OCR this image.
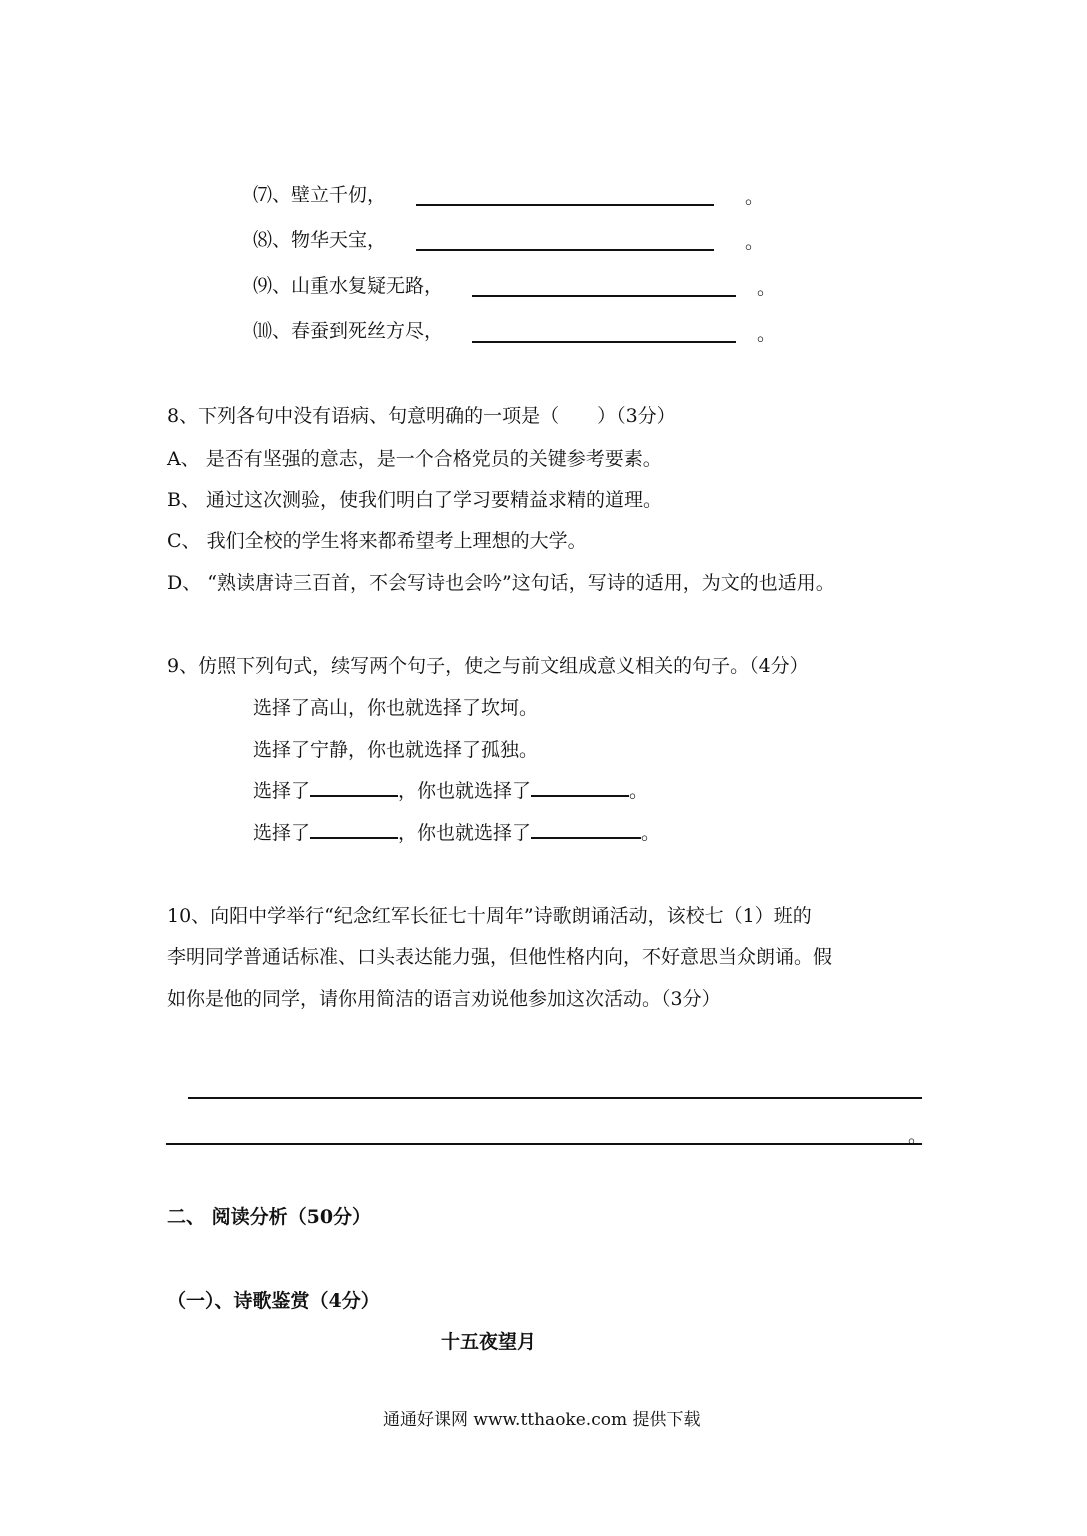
⑺、壁立千仞，	。
⑻、物华天宝，	。
⑼、山重水复疑无路，	。
⑽、春蚕到死丝方尽，	。
8、下列各句中没有语病、句意明确的一项是（　　）（3分）
A、 是否有坚强的意志，是一个合格党员的关键参考要素。
B、 通过这次测验，使我们明白了学习要精益求精的道理。
C、 我们全校的学生将来都希望考上理想的大学。
D、 “熟读唐诗三百首，不会写诗也会吟”这句话，写诗的适用，为文的也适用。
9、仿照下列句式，续写两个句子，使之与前文组成意义相关的句子。（4分）
选择了高山，你也就选择了坎坷。
选择了宁静，你也就选择了孤独。
选择了	，你也就选择了	。
选择了	，你也就选择了	。
10、向阳中学举行“纪念红军长征七十周年”诗歌朗诵活动，该校七（1）班的
李明同学普通话标准、口头表达能力强，但他性格内向，不好意思当众朗诵。假
如你是他的同学，请你用简洁的语言劝说他参加这次活动。（3分）
。
二、 阅读分析（50分）
（一）、诗歌鉴赏（4分）
十五夜望月
通通好课网 www.tthaoke.com 提供下载
